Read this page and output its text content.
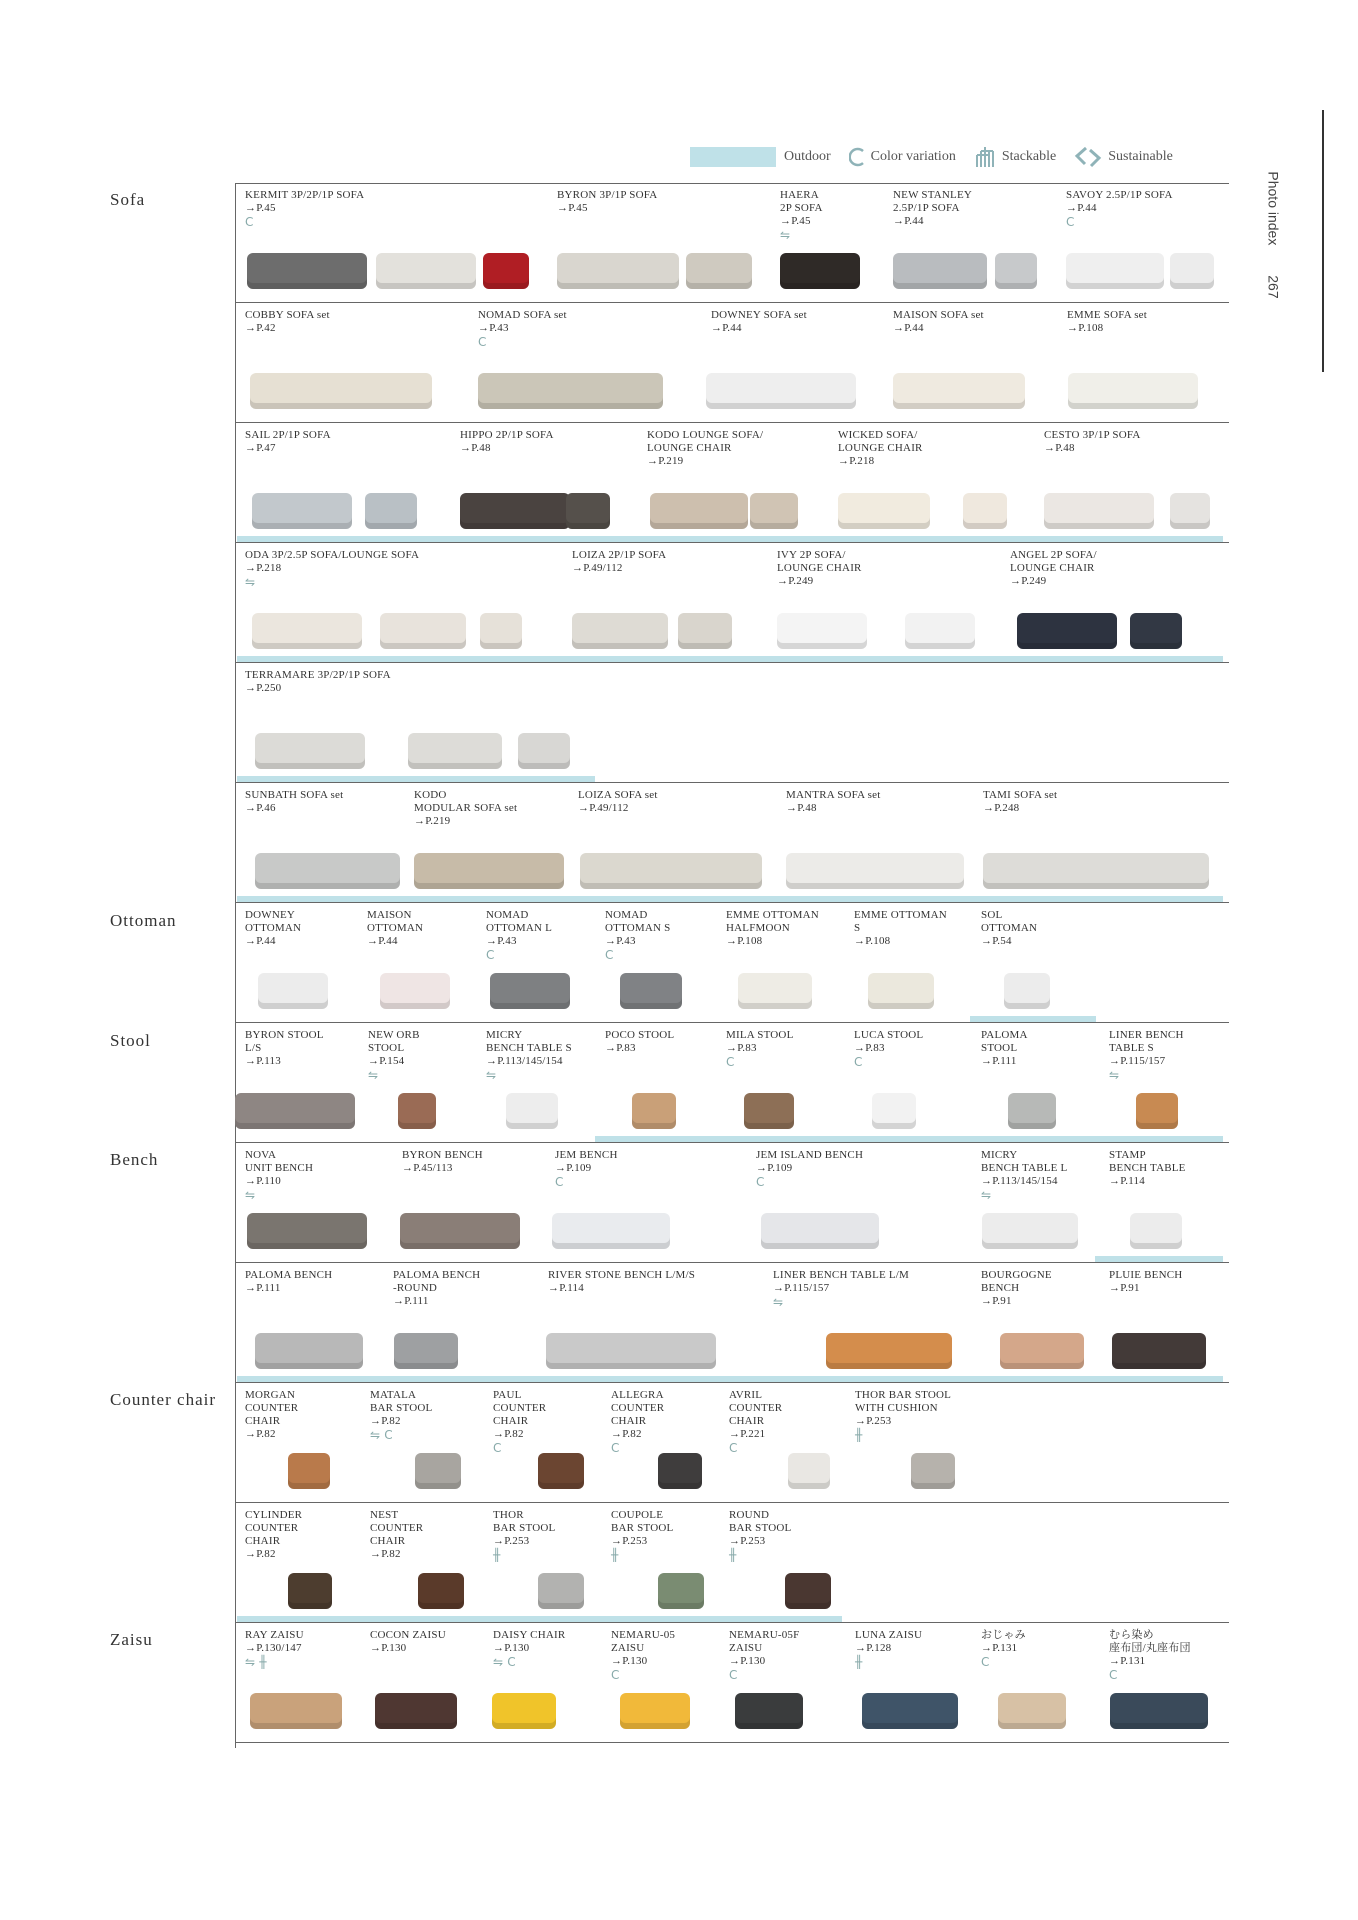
Outdoor	Color variation	Stackable	Sustainable
Photo index 267
Sofa
Ottoman
Stool
Bench
Counter chair
Zaisu
KERMIT 3P/2P/1P SOFA
→P.45
C
BYRON 3P/1P SOFA
→P.45
HAERA
2P SOFA
→P.45
⇋
NEW STANLEY
2.5P/1P SOFA
→P.44
SAVOY 2.5P/1P SOFA
→P.44
C
COBBY SOFA set
→P.42
NOMAD SOFA set
→P.43
C
DOWNEY SOFA set
→P.44
MAISON SOFA set
→P.44
EMME SOFA set
→P.108
SAIL 2P/1P SOFA
→P.47
HIPPO 2P/1P SOFA
→P.48
KODO LOUNGE SOFA/
LOUNGE CHAIR
→P.219
WICKED SOFA/
LOUNGE CHAIR
→P.218
CESTO 3P/1P SOFA
→P.48
ODA 3P/2.5P SOFA/LOUNGE SOFA
→P.218
⇋
LOIZA 2P/1P SOFA
→P.49/112
IVY 2P SOFA/
LOUNGE CHAIR
→P.249
ANGEL 2P SOFA/
LOUNGE CHAIR
→P.249
TERRAMARE 3P/2P/1P SOFA
→P.250
SUNBATH SOFA set
→P.46
KODO
MODULAR SOFA set
→P.219
LOIZA SOFA set
→P.49/112
MANTRA SOFA set
→P.48
TAMI SOFA set
→P.248
DOWNEY
OTTOMAN
→P.44
MAISON
OTTOMAN
→P.44
NOMAD
OTTOMAN L
→P.43
C
NOMAD
OTTOMAN S
→P.43
C
EMME OTTOMAN
HALFMOON
→P.108
EMME OTTOMAN
S
→P.108
SOL
OTTOMAN
→P.54
BYRON STOOL
L/S
→P.113
NEW ORB
STOOL
→P.154
⇋
MICRY
BENCH TABLE S
→P.113/145/154
⇋
POCO STOOL
→P.83
MILA STOOL
→P.83
C
LUCA STOOL
→P.83
C
PALOMA
STOOL
→P.111
LINER BENCH
TABLE S
→P.115/157
⇋
NOVA
UNIT BENCH
→P.110
⇋
BYRON BENCH
→P.45/113
JEM BENCH
→P.109
C
JEM ISLAND BENCH
→P.109
C
MICRY
BENCH TABLE L
→P.113/145/154
⇋
STAMP
BENCH TABLE
→P.114
PALOMA BENCH
→P.111
PALOMA BENCH
-ROUND
→P.111
RIVER STONE BENCH L/M/S
→P.114
LINER BENCH TABLE L/M
→P.115/157
⇋
BOURGOGNE
BENCH
→P.91
PLUIE BENCH
→P.91
MORGAN
COUNTER
CHAIR
→P.82
MATALA
BAR STOOL
→P.82
⇋ C
PAUL
COUNTER
CHAIR
→P.82
C
ALLEGRA
COUNTER
CHAIR
→P.82
C
AVRIL
COUNTER
CHAIR
→P.221
C
THOR BAR STOOL
WITH CUSHION
→P.253
╫
CYLINDER
COUNTER
CHAIR
→P.82
NEST
COUNTER
CHAIR
→P.82
THOR
BAR STOOL
→P.253
╫
COUPOLE
BAR STOOL
→P.253
╫
ROUND
BAR STOOL
→P.253
╫
RAY ZAISU
→P.130/147
⇋ ╫
COCON ZAISU
→P.130
DAISY CHAIR
→P.130
⇋ C
NEMARU-05
ZAISU
→P.130
C
NEMARU-05F
ZAISU
→P.130
C
LUNA ZAISU
→P.128
╫
おじゃみ
→P.131
C
むら染め
座布団/丸座布団
→P.131
C
